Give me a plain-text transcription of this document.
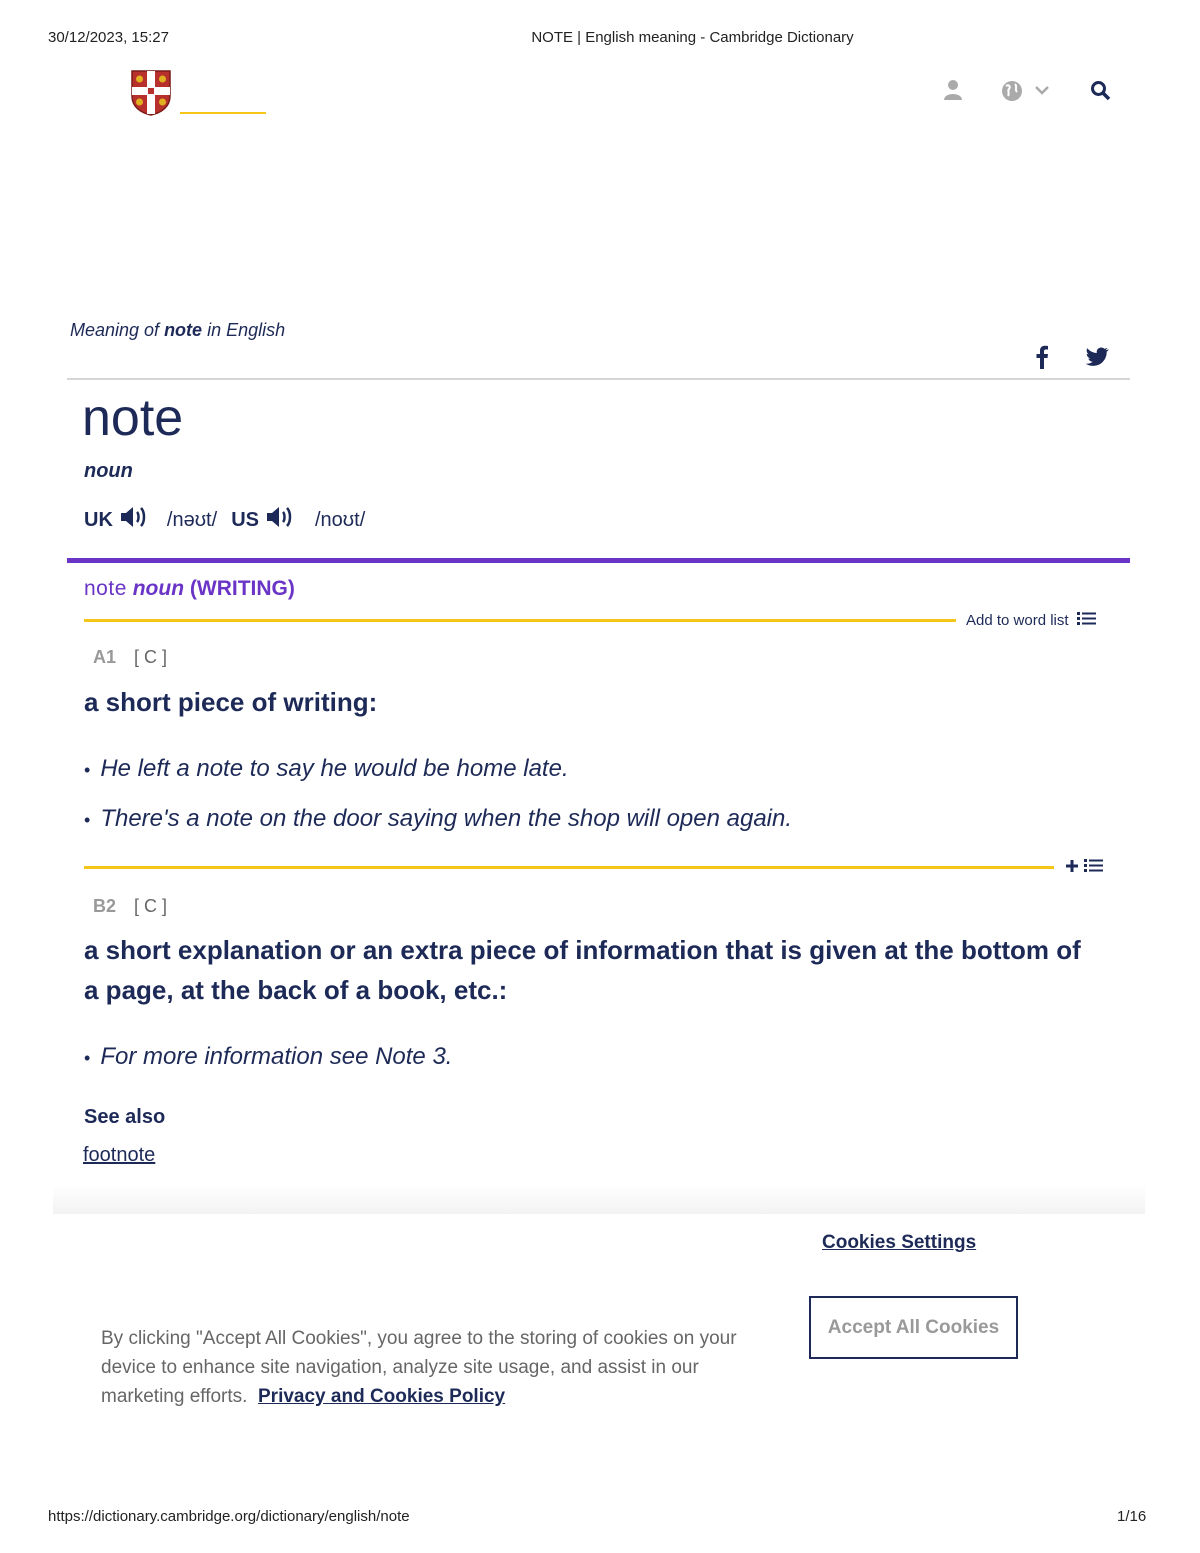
30/12/2023, 15:27	NOTE | English meaning - Cambridge Dictionary
Meaning of note in English
note
noun
UK	/nəʊt/ US	/noʊt/
note noun (WRITING)
Add to word list
A1 [ C ]
a short piece of writing:
• He left a note to say he would be home late.
• There's a note on the door saying when the shop will open again.
B2 [ C ]
a short explanation or an extra piece of information that is given at the bottom of
a page, at the back of a book, etc.:
• For more information see Note 3.
See also
footnote
Cookies Settings
Accept All Cookies
By clicking "Accept All Cookies", you agree to the storing of cookies on your
device to enhance site navigation, analyze site usage, and assist in our
marketing efforts. Privacy and Cookies Policy
https://dictionary.cambridge.org/dictionary/english/note	1/16
